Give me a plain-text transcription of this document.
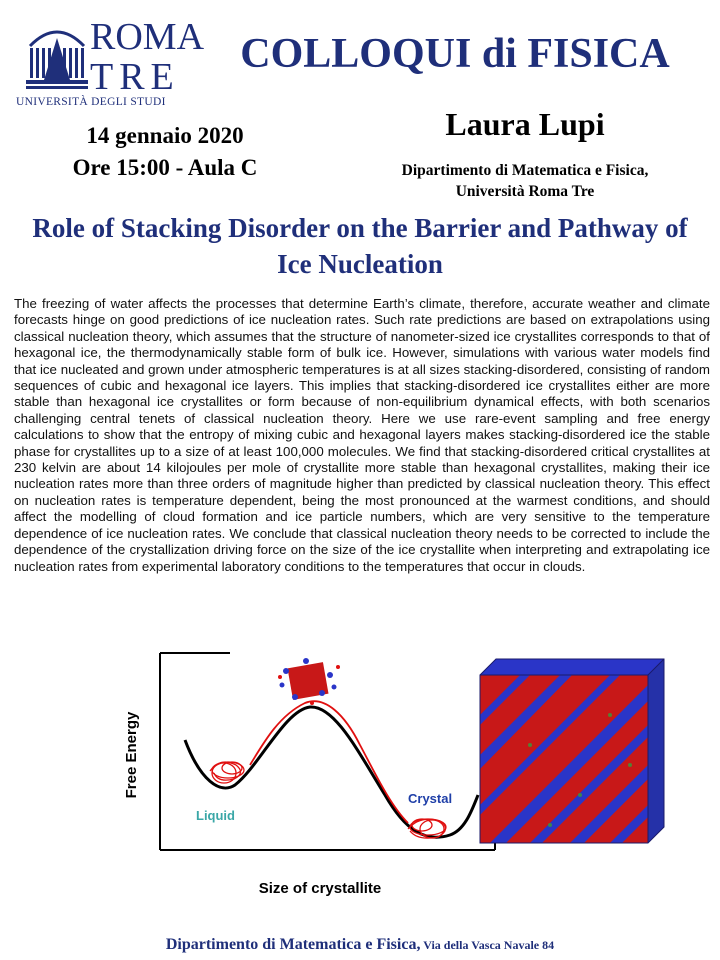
ROMA
TRE
UNIVERSITÀ DEGLI STUDI
COLLOQUI di FISICA
14 gennaio 2020
Ore 15:00 - Aula C
Laura Lupi
Dipartimento di Matematica e Fisica,
Università Roma Tre
Role of Stacking Disorder on the Barrier and Pathway of Ice Nucleation

The freezing of water affects the processes that determine Earth’s climate, therefore, accurate weather and climate forecasts hinge on good predictions of ice nucleation rates. Such rate predictions are based on extrapolations using classical nucleation theory, which assumes that the structure of nanometer-sized ice crystallites corresponds to that of hexagonal ice, the thermodynamically stable form of bulk ice. However, simulations with various water models find that ice nucleated and grown under atmospheric temperatures is at all sizes stacking-disordered, consisting of random sequences of cubic and hexagonal ice layers. This implies that stacking-disordered ice crystallites either are more stable than hexagonal ice crystallites or form because of non-equilibrium dynamical effects, with both scenarios challenging central tenets of classical nucleation theory. Here we use rare-event sampling and free energy calculations to show that the entropy of mixing cubic and hexagonal layers makes stacking-disordered ice the stable phase for crystallites up to a size of at least 100,000 molecules. We find that stacking-disordered critical crystallites at 230 kelvin are about 14 kilojoules per mole of crystallite more stable than hexagonal crystallites, making their ice nucleation rates more than three orders of magnitude higher than predicted by classical nucleation theory. This effect on nucleation rates is temperature dependent, being the most pronounced at the warmest conditions, and should affect the modelling of cloud formation and ice particle numbers, which are very sensitive to the temperature dependence of ice nucleation rates. We conclude that classical nucleation theory needs to be corrected to include the dependence of the crystallization driving force on the size of the ice crystallite when interpreting and extrapolating ice nucleation rates from experimental laboratory conditions to the temperatures that occur in clouds.

Free Energy
Size of crystallite
Liquid
Crystal
Dipartimento di Matematica e Fisica, Via della Vasca Navale 84
